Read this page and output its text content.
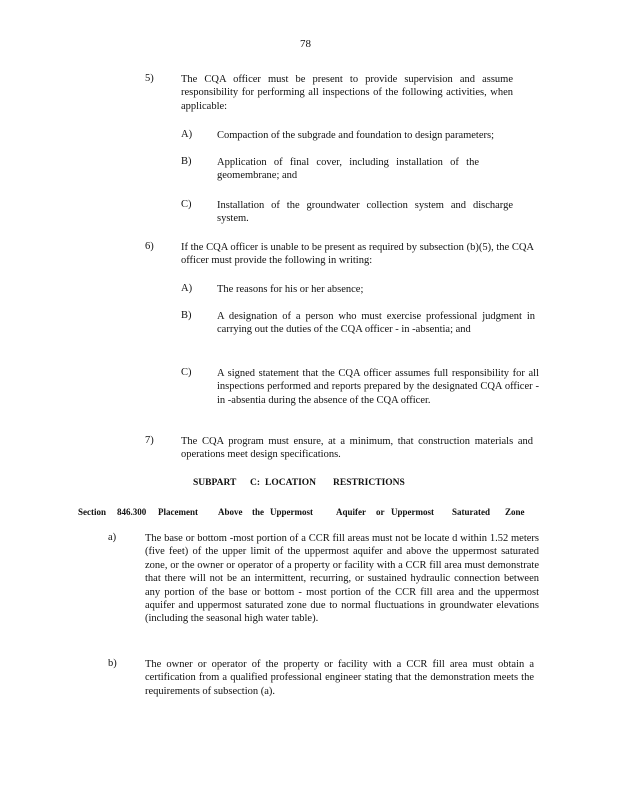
78
5)	The CQA officer must be present to provide supervision and assume responsibility for performing all inspections of the following activities, when applicable:
A)	Compaction of the subgrade and foundation to design parameters;
B)	Application of final cover, including installation of the geomembrane; and
C)	Installation of the groundwater collection system and discharge system.
6)	If the CQA officer is unable to be present as required by subsection (b)(5), the CQA officer must provide the following in writing:
A)	The reasons for his or her absence;
B)	A designation of a person who must exercise professional judgment in carrying out the duties of the CQA officer - in -absentia; and
C)	A signed statement that the CQA officer assumes full responsibility for all inspections performed and reports prepared by the designated CQA officer -in -absentia during the absence of the CQA officer.
7)	The CQA program must ensure, at a minimum, that construction materials and operations meet design specifications.
SUBPART C: LOCATION RESTRICTIONS
Section 846.300 Placement Above the Uppermost	Aquifer or Uppermost Saturated Zone
a)	The base or bottom -most portion of a CCR fill areas must not be locate d within 1.52 meters (five feet) of the upper limit of the uppermost aquifer and above the uppermost saturated zone, or the owner or operator of a property or facility with a CCR fill area must demonstrate that there will not be an intermittent, recurring, or sustained hydraulic connection between any portion of the base or bottom - most portion of the CCR fill area and the uppermost aquifer and uppermost saturated zone due to normal fluctuations in groundwater elevations (including the seasonal high water table).
b)	The owner or operator of the property or facility with a CCR fill area must obtain a certification from a qualified professional engineer stating that the demonstration meets the requirements of subsection (a).
